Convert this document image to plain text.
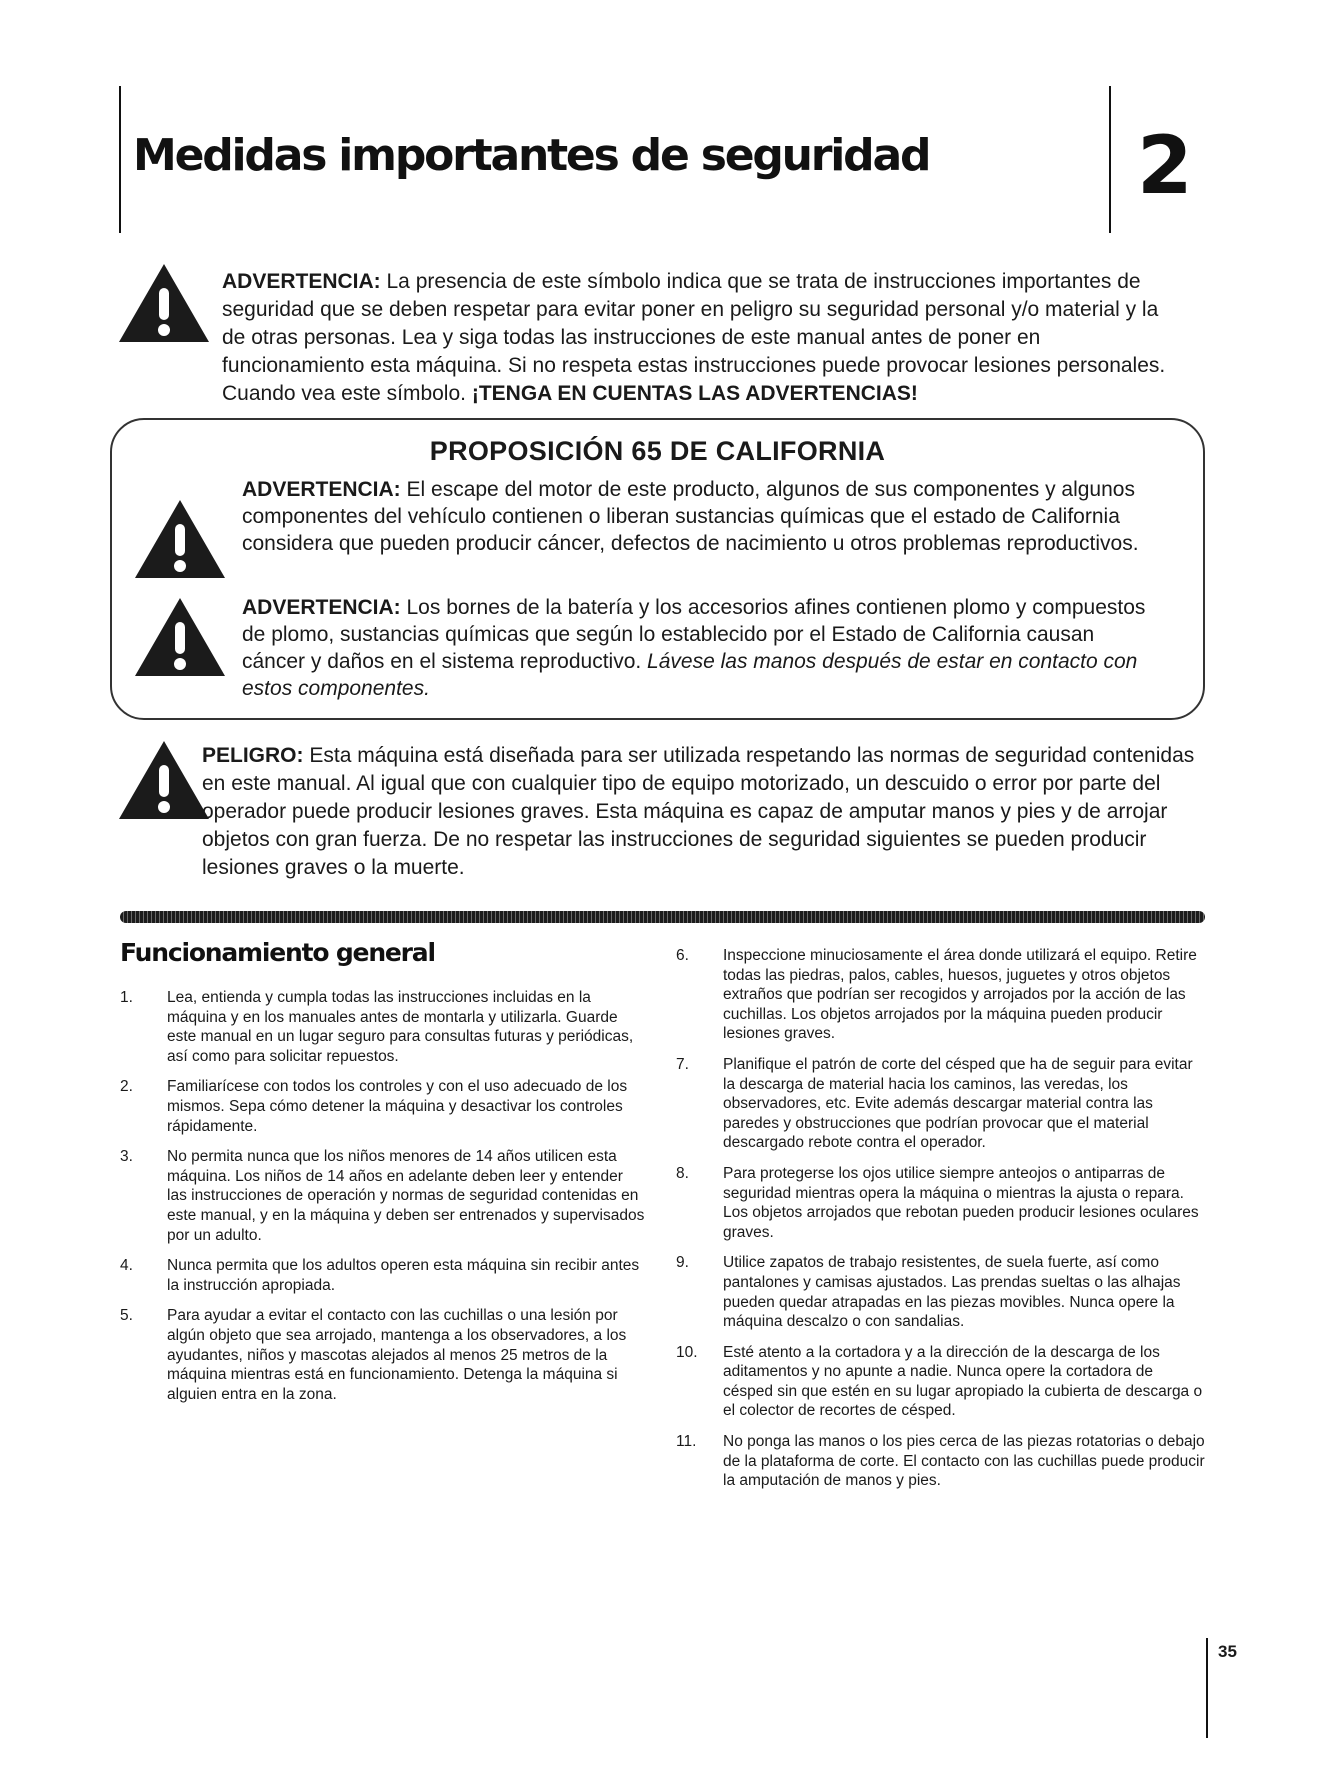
Medidas importantes de seguridad	2

ADVERTENCIA: La presencia de este símbolo indica que se trata de instrucciones importantes de seguridad que se deben respetar para evitar poner en peligro su seguridad personal y/o material y la de otras personas. Lea y siga todas las instrucciones de este manual antes de poner en funcionamiento esta máquina. Si no respeta estas instrucciones puede provocar lesiones personales. Cuando vea este símbolo. ¡TENGA EN CUENTAS LAS ADVERTENCIAS!

PROPOSICIÓN 65 DE CALIFORNIA

ADVERTENCIA: El escape del motor de este producto, algunos de sus componentes y algunos componentes del vehículo contienen o liberan sustancias químicas que el estado de California considera que pueden producir cáncer, defectos de nacimiento u otros problemas reproductivos.

ADVERTENCIA: Los bornes de la batería y los accesorios afines contienen plomo y compuestos de plomo, sustancias químicas que según lo establecido por el Estado de California causan cáncer y daños en el sistema reproductivo. Lávese las manos después de estar en contacto con estos componentes.

PELIGRO: Esta máquina está diseñada para ser utilizada respetando las normas de seguridad contenidas en este manual. Al igual que con cualquier tipo de equipo motorizado, un descuido o error por parte del operador puede producir lesiones graves. Esta máquina es capaz de amputar manos y pies y de arrojar objetos con gran fuerza. De no respetar las instrucciones de seguridad siguientes se pueden producir lesiones graves o la muerte.

Funcionamiento general
1. Lea, entienda y cumpla todas las instrucciones incluidas en la máquina y en los manuales antes de montarla y utilizarla. Guarde este manual en un lugar seguro para consultas futuras y periódicas, así como para solicitar repuestos.
2. Familiarícese con todos los controles y con el uso adecuado de los mismos. Sepa cómo detener la máquina y desactivar los controles rápidamente.
3. No permita nunca que los niños menores de 14 años utilicen esta máquina. Los niños de 14 años en adelante deben leer y entender las instrucciones de operación y normas de seguridad contenidas en este manual, y en la máquina y deben ser entrenados y supervisados por un adulto.
4. Nunca permita que los adultos operen esta máquina sin recibir antes la instrucción apropiada.
5. Para ayudar a evitar el contacto con las cuchillas o una lesión por algún objeto que sea arrojado, mantenga a los observadores, a los ayudantes, niños y mascotas alejados al menos 25 metros de la máquina mientras está en funcionamiento. Detenga la máquina si alguien entra en la zona.
6. Inspeccione minuciosamente el área donde utilizará el equipo. Retire todas las piedras, palos, cables, huesos, juguetes y otros objetos extraños que podrían ser recogidos y arrojados por la acción de las cuchillas. Los objetos arrojados por la máquina pueden producir lesiones graves.
7. Planifique el patrón de corte del césped que ha de seguir para evitar la descarga de material hacia los caminos, las veredas, los observadores, etc. Evite además descargar material contra las paredes y obstrucciones que podrían provocar que el material descargado rebote contra el operador.
8. Para protegerse los ojos utilice siempre anteojos o antiparras de seguridad mientras opera la máquina o mientras la ajusta o repara. Los objetos arrojados que rebotan pueden producir lesiones oculares graves.
9. Utilice zapatos de trabajo resistentes, de suela fuerte, así como pantalones y camisas ajustados. Las prendas sueltas o las alhajas pueden quedar atrapadas en las piezas movibles. Nunca opere la máquina descalzo o con sandalias.
10. Esté atento a la cortadora y a la dirección de la descarga de los aditamentos y no apunte a nadie. Nunca opere la cortadora de césped sin que estén en su lugar apropiado la cubierta de descarga o el colector de recortes de césped.
11. No ponga las manos o los pies cerca de las piezas rotatorias o debajo de la plataforma de corte. El contacto con las cuchillas puede producir la amputación de manos y pies.
35
